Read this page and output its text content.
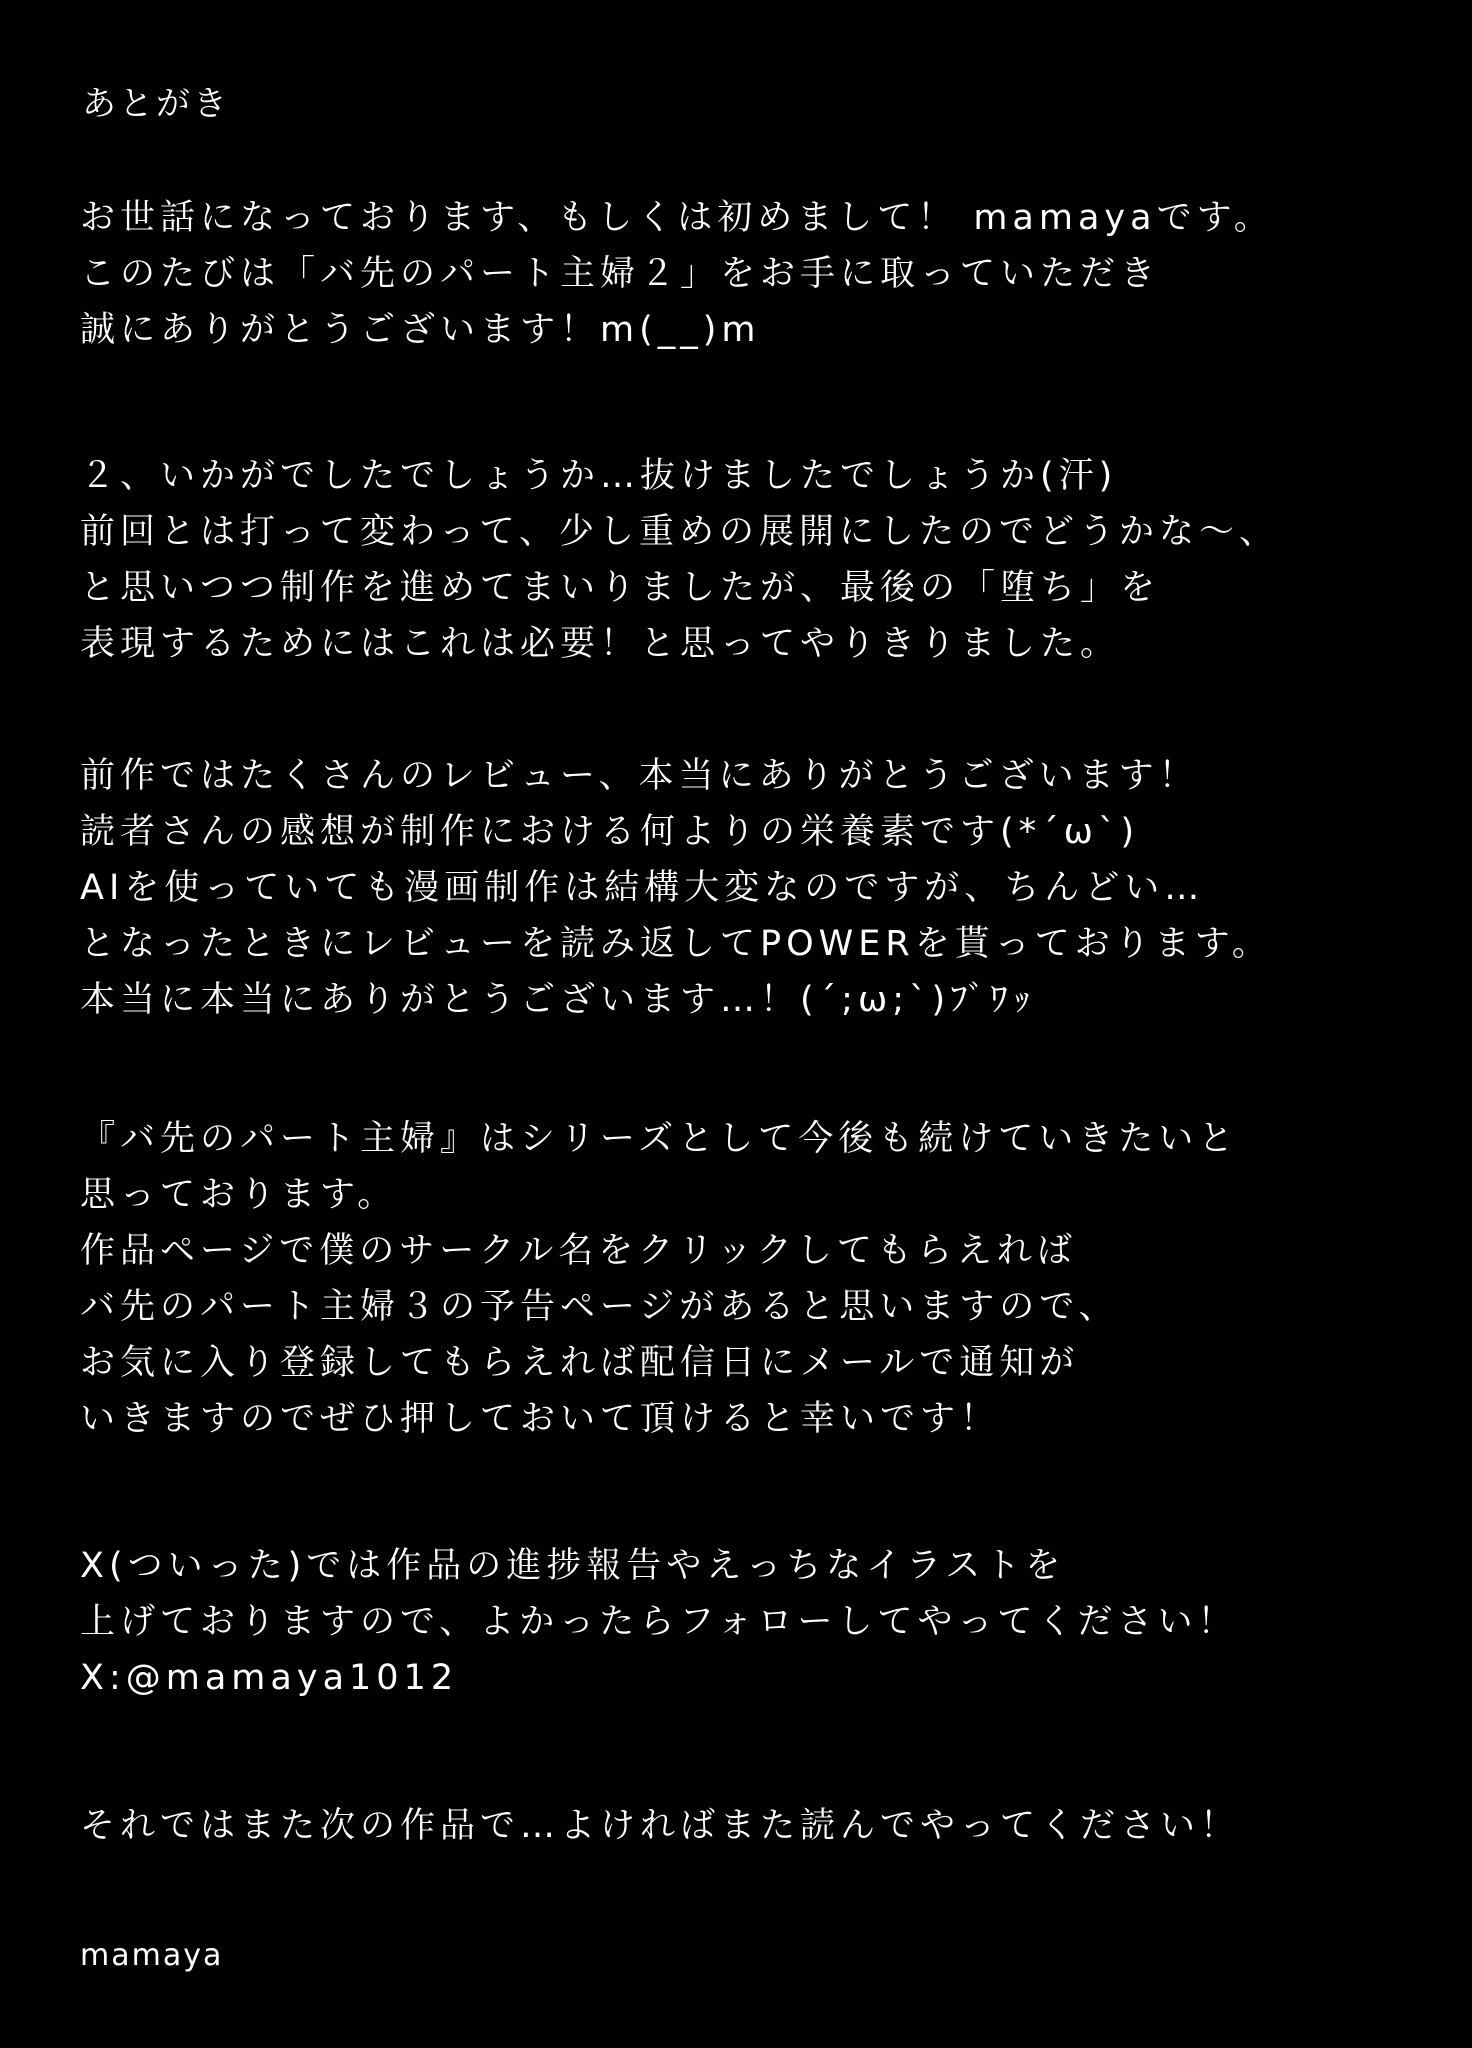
あとがき
お世話になっております、もしくは初めまして！ mamayaです。
このたびは「バ先のパート主婦２」をお手に取っていただき
誠にありがとうございます！m(__)m
２、いかがでしたでしょうか…抜けましたでしょうか(汗)
前回とは打って変わって、少し重めの展開にしたのでどうかな～、
と思いつつ制作を進めてまいりましたが、最後の「堕ち」を
表現するためにはこれは必要！と思ってやりきりました。
前作ではたくさんのレビュー、本当にありがとうございます！
読者さんの感想が制作における何よりの栄養素です(*´ω`)
AIを使っていても漫画制作は結構大変なのですが、ちんどい…
となったときにレビューを読み返してPOWERを貰っております。
本当に本当にありがとうございます…！(´;ω;`)ﾌﾞﾜｯ
『バ先のパート主婦』はシリーズとして今後も続けていきたいと
思っております。
作品ページで僕のサークル名をクリックしてもらえれば
バ先のパート主婦３の予告ページがあると思いますので、
お気に入り登録してもらえれば配信日にメールで通知が
いきますのでぜひ押しておいて頂けると幸いです！
X(ついった)では作品の進捗報告やえっちなイラストを
上げておりますので、よかったらフォローしてやってください！
X:@mamaya1012
それではまた次の作品で…よければまた読んでやってください！
mamaya
